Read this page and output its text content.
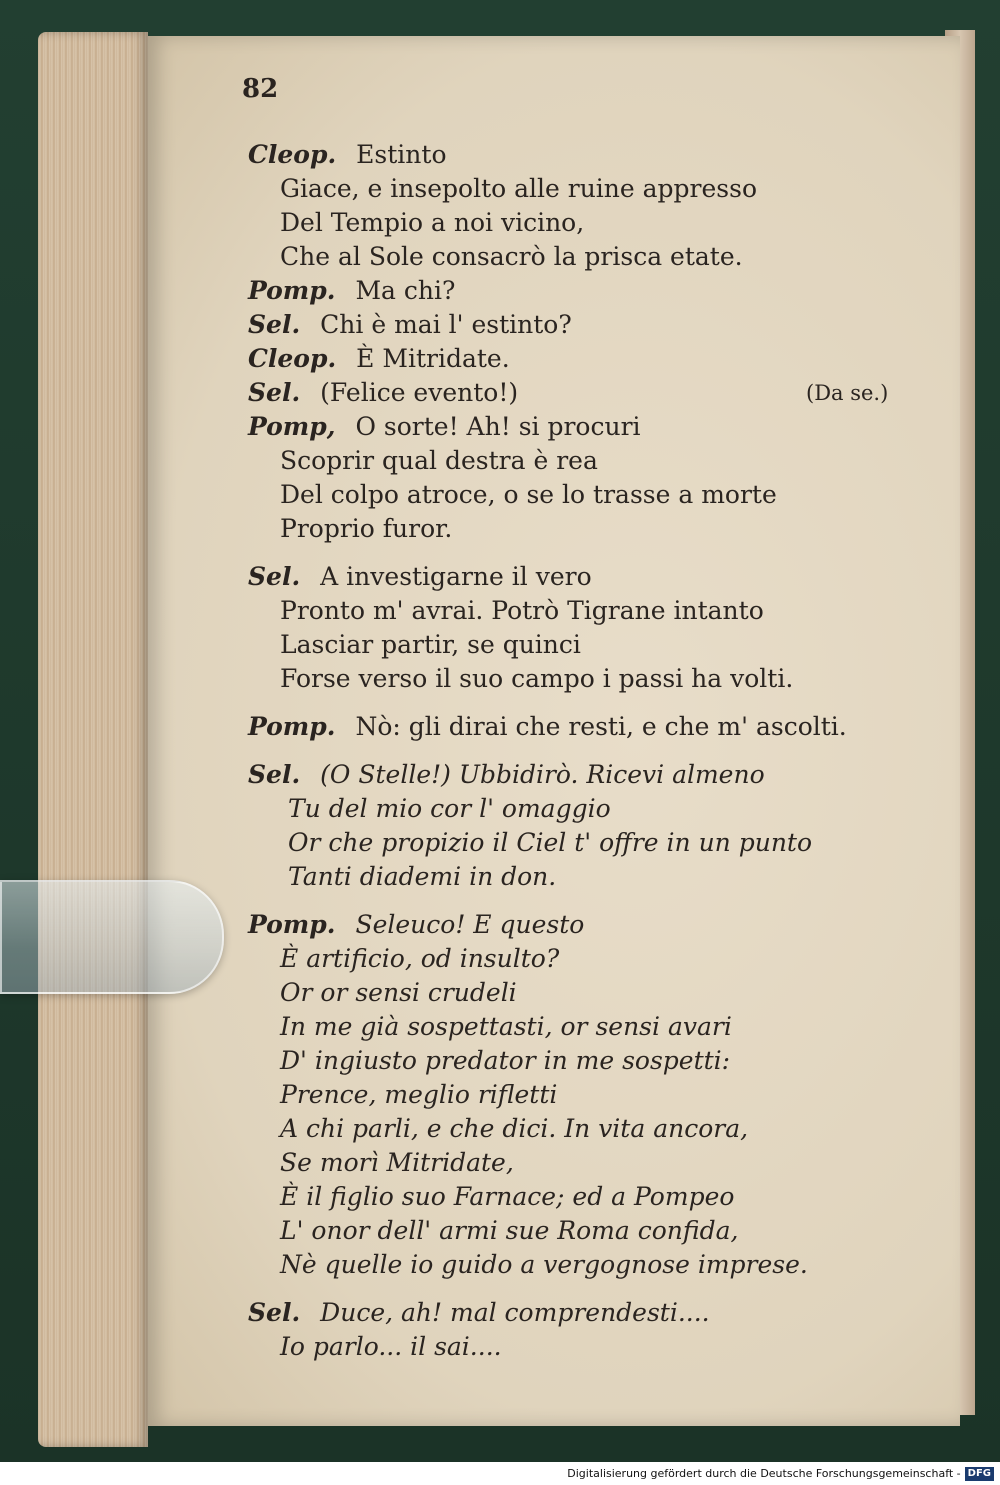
82
Cleop. Estinto
Giace, e insepolto alle ruine appresso
Del Tempio a noi vicino,
Che al Sole consacrò la prisca etate.
Pomp. Ma chi?
Sel. Chi è mai l' estinto?
Cleop. È Mitridate.
Sel. (Felice evento!)	(Da se.)
Pomp, O sorte! Ah! si procuri
Scoprir qual destra è rea
Del colpo atroce, o se lo trasse a morte
Proprio furor.
Sel. A investigarne il vero
Pronto m' avrai. Potrò Tigrane intanto
Lasciar partir, se quinci
Forse verso il suo campo i passi ha volti.
Pomp. Nò: gli dirai che resti, e che m' ascolti.
Sel. (O Stelle!) Ubbidirò. Ricevi almeno
Tu del mio cor l' omaggio
Or che propizio il Ciel t' offre in un punto
Tanti diademi in don.
Pomp. Seleuco! E questo
È artificio, od insulto?
Or or sensi crudeli
In me già sospettasti, or sensi avari
D' ingiusto predator in me sospetti:
Prence, meglio rifletti
A chi parli, e che dici. In vita ancora,
Se morì Mitridate,
È il figlio suo Farnace; ed a Pompeo
L' onor dell' armi sue Roma confida,
Nè quelle io guido a vergognose imprese.
Sel. Duce, ah! mal comprendesti....
Io parlo... il sai....
Digitalisierung gefördert durch die Deutsche Forschungsgemeinschaft - DFG
